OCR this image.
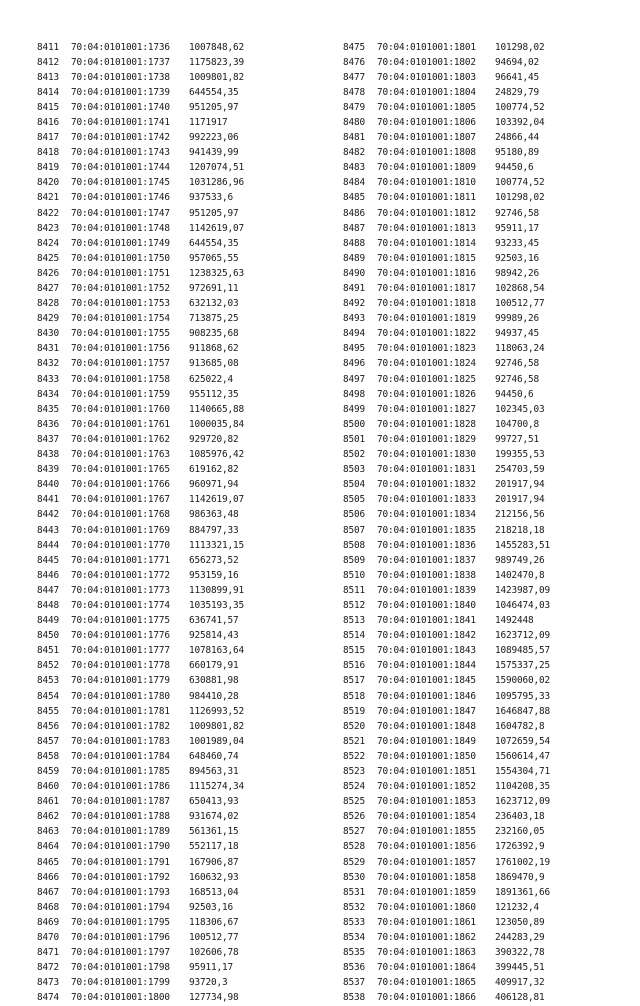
8411 70:04:0101001:1736 1007848,62
8412 70:04:0101001:1737 1175823,39
8413 70:04:0101001:1738 1009801,82
8414 70:04:0101001:1739 644554,35
8415 70:04:0101001:1740 951205,97
8416 70:04:0101001:1741 1171917
8417 70:04:0101001:1742 992223,06
8418 70:04:0101001:1743 941439,99
8419 70:04:0101001:1744 1207074,51
8420 70:04:0101001:1745 1031286,96
8421 70:04:0101001:1746 937533,6
8422 70:04:0101001:1747 951205,97
8423 70:04:0101001:1748 1142619,07
8424 70:04:0101001:1749 644554,35
8425 70:04:0101001:1750 957065,55
8426 70:04:0101001:1751 1238325,63
8427 70:04:0101001:1752 972691,11
8428 70:04:0101001:1753 632132,03
8429 70:04:0101001:1754 713875,25
8430 70:04:0101001:1755 908235,68
8431 70:04:0101001:1756 911868,62
8432 70:04:0101001:1757 913685,08
8433 70:04:0101001:1758 625022,4
8434 70:04:0101001:1759 955112,35
8435 70:04:0101001:1760 1140665,88
8436 70:04:0101001:1761 1000035,84
8437 70:04:0101001:1762 929720,82
8438 70:04:0101001:1763 1085976,42
8439 70:04:0101001:1765 619162,82
8440 70:04:0101001:1766 960971,94
8441 70:04:0101001:1767 1142619,07
8442 70:04:0101001:1768 986363,48
8443 70:04:0101001:1769 884797,33
8444 70:04:0101001:1770 1113321,15
8445 70:04:0101001:1771 656273,52
8446 70:04:0101001:1772 953159,16
8447 70:04:0101001:1773 1130899,91
8448 70:04:0101001:1774 1035193,35
8449 70:04:0101001:1775 636741,57
8450 70:04:0101001:1776 925814,43
8451 70:04:0101001:1777 1078163,64
8452 70:04:0101001:1778 660179,91
8453 70:04:0101001:1779 630881,98
8454 70:04:0101001:1780 984410,28
8455 70:04:0101001:1781 1126993,52
8456 70:04:0101001:1782 1009801,82
8457 70:04:0101001:1783 1001989,04
8458 70:04:0101001:1784 648460,74
8459 70:04:0101001:1785 894563,31
8460 70:04:0101001:1786 1115274,34
8461 70:04:0101001:1787 650413,93
8462 70:04:0101001:1788 931674,02
8463 70:04:0101001:1789 561361,15
8464 70:04:0101001:1790 552117,18
8465 70:04:0101001:1791 167906,87
8466 70:04:0101001:1792 160632,93
8467 70:04:0101001:1793 168513,04
8468 70:04:0101001:1794 92503,16
8469 70:04:0101001:1795 118306,67
8470 70:04:0101001:1796 100512,77
8471 70:04:0101001:1797 102606,78
8472 70:04:0101001:1798 95911,17
8473 70:04:0101001:1799 93720,3
8474 70:04:0101001:1800 127734,98
8475 70:04:0101001:1801 101298,02
8476 70:04:0101001:1802 94694,02
8477 70:04:0101001:1803 96641,45
8478 70:04:0101001:1804 24829,79
8479 70:04:0101001:1805 100774,52
8480 70:04:0101001:1806 103392,04
8481 70:04:0101001:1807 24866,44
8482 70:04:0101001:1808 95180,89
8483 70:04:0101001:1809 94450,6
8484 70:04:0101001:1810 100774,52
8485 70:04:0101001:1811 101298,02
8486 70:04:0101001:1812 92746,58
8487 70:04:0101001:1813 95911,17
8488 70:04:0101001:1814 93233,45
8489 70:04:0101001:1815 92503,16
8490 70:04:0101001:1816 98942,26
8491 70:04:0101001:1817 102868,54
8492 70:04:0101001:1818 100512,77
8493 70:04:0101001:1819 99989,26
8494 70:04:0101001:1822 94937,45
8495 70:04:0101001:1823 118063,24
8496 70:04:0101001:1824 92746,58
8497 70:04:0101001:1825 92746,58
8498 70:04:0101001:1826 94450,6
8499 70:04:0101001:1827 102345,03
8500 70:04:0101001:1828 104700,8
8501 70:04:0101001:1829 99727,51
8502 70:04:0101001:1830 199355,53
8503 70:04:0101001:1831 254703,59
8504 70:04:0101001:1832 201917,94
8505 70:04:0101001:1833 201917,94
8506 70:04:0101001:1834 212156,56
8507 70:04:0101001:1835 218218,18
8508 70:04:0101001:1836 1455283,51
8509 70:04:0101001:1837 989749,26
8510 70:04:0101001:1838 1402470,8
8511 70:04:0101001:1839 1423987,09
8512 70:04:0101001:1840 1046474,03
8513 70:04:0101001:1841 1492448
8514 70:04:0101001:1842 1623712,09
8515 70:04:0101001:1843 1089485,57
8516 70:04:0101001:1844 1575337,25
8517 70:04:0101001:1845 1590060,02
8518 70:04:0101001:1846 1095795,33
8519 70:04:0101001:1847 1646847,88
8520 70:04:0101001:1848 1604782,8
8521 70:04:0101001:1849 1072659,54
8522 70:04:0101001:1850 1560614,47
8523 70:04:0101001:1851 1554304,71
8524 70:04:0101001:1852 1104208,35
8525 70:04:0101001:1853 1623712,09
8526 70:04:0101001:1854 236403,18
8527 70:04:0101001:1855 232160,05
8528 70:04:0101001:1856 1726392,9
8529 70:04:0101001:1857 1761002,19
8530 70:04:0101001:1858 1869470,9
8531 70:04:0101001:1859 1891361,66
8532 70:04:0101001:1860 121232,4
8533 70:04:0101001:1861 123050,89
8534 70:04:0101001:1862 244283,29
8535 70:04:0101001:1863 390322,78
8536 70:04:0101001:1864 399445,51
8537 70:04:0101001:1865 409917,32
8538 70:04:0101001:1866 406128,81
